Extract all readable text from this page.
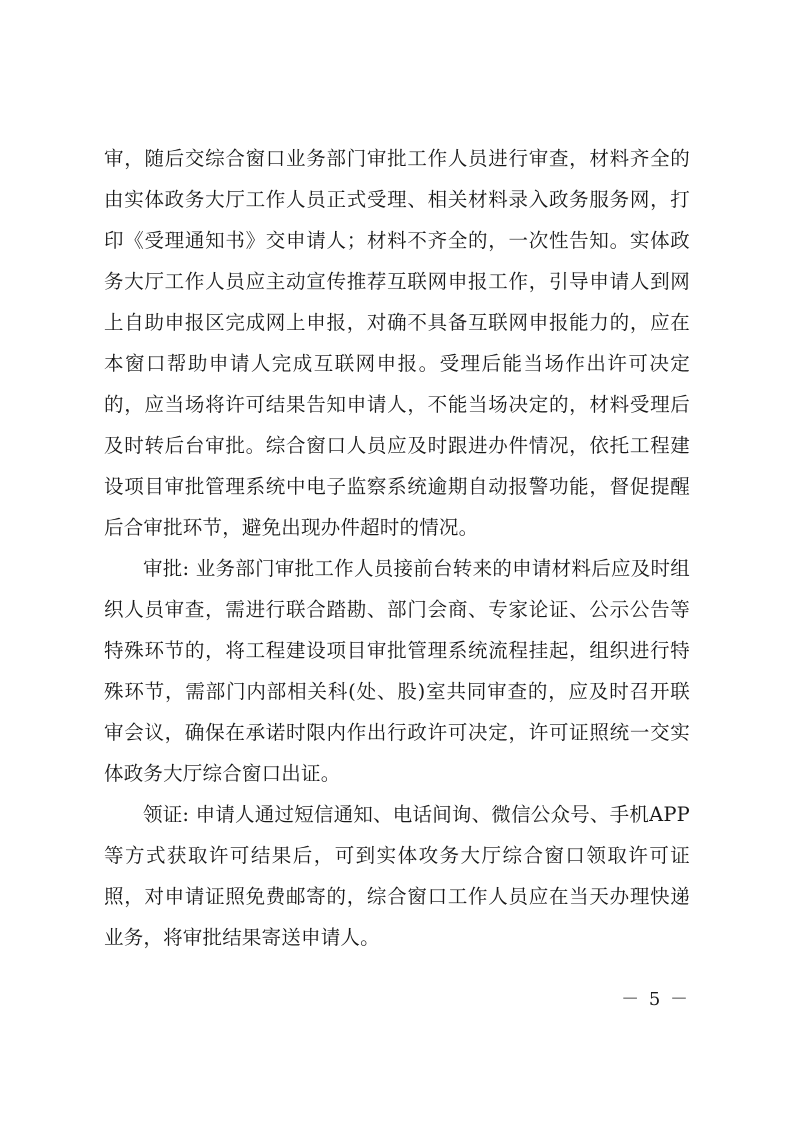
审，随后交综合窗口业务部门审批工作人员进行审查，材料齐全的由实体政务大厅工作人员正式受理、相关材料录入政务服务网，打印《受理通知书》交申请人；材料不齐全的，一次性告知。实体政务大厅工作人员应主动宣传推荐互联网申报工作，引导申请人到网上自助申报区完成网上申报，对确不具备互联网申报能力的，应在本窗口帮助申请人完成互联网申报。受理后能当场作出许可决定的，应当场将许可结果告知申请人，不能当场决定的，材料受理后及时转后台审批。综合窗口人员应及时跟进办件情况，依托工程建设项目审批管理系统中电子监察系统逾期自动报警功能，督促提醒后合审批环节，避免出现办件超时的情况。

审批: 业务部门审批工作人员接前台转来的申请材料后应及时组织人员审查，需进行联合踏勘、部门会商、专家论证、公示公告等特殊环节的，将工程建设项目审批管理系统流程挂起，组织进行特殊环节，需部门内部相关科(处、股)室共同审查的，应及时召开联审会议，确保在承诺时限内作出行政许可决定，许可证照统一交实体政务大厅综合窗口出证。

领证: 申请人通过短信通知、电话间询、微信公众号、手机APP 等方式获取许可结果后，可到实体攻务大厅综合窗口领取许可证照，对申请证照免费邮寄的，综合窗口工作人员应在当天办理快递业务，将审批结果寄送申请人。

－ 5 －
